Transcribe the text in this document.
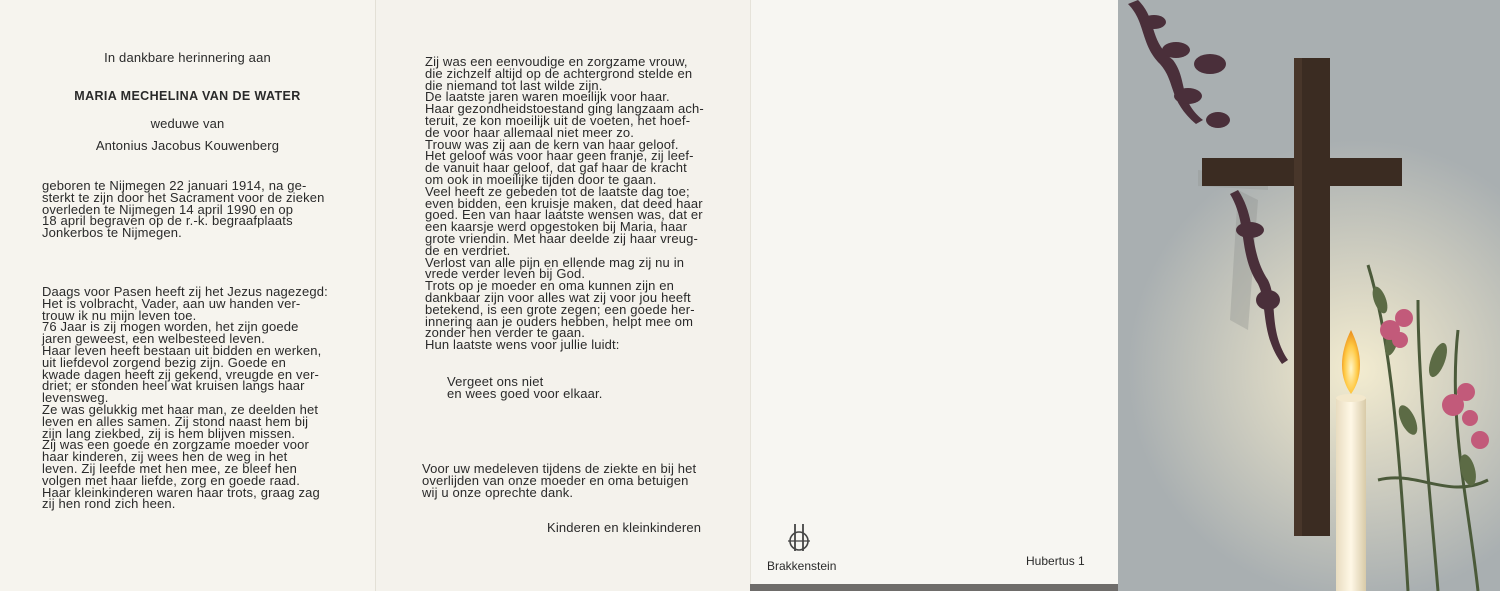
In dankbare herinnering aan
MARIA MECHELINA VAN DE WATER
weduwe van
Antonius Jacobus Kouwenberg
geboren te Nijmegen 22 januari 1914, na ge-
sterkt te zijn door het Sacrament voor de zieken
overleden te Nijmegen 14 april 1990 en op
18 april begraven op de r.-k. begraafplaats
Jonkerbos te Nijmegen.
Daags voor Pasen heeft zij het Jezus nagezegd:
Het is volbracht, Vader, aan uw handen ver-
trouw ik nu mijn leven toe.
76 Jaar is zij mogen worden, het zijn goede
jaren geweest, een welbesteed leven.
Haar leven heeft bestaan uit bidden en werken,
uit liefdevol zorgend bezig zijn. Goede en
kwade dagen heeft zij gekend, vreugde en ver-
driet; er stonden heel wat kruisen langs haar
levensweg.
Ze was gelukkig met haar man, ze deelden het
leven en alles samen. Zij stond naast hem bij
zijn lang ziekbed, zij is hem blijven missen.
Zij was een goede en zorgzame moeder voor
haar kinderen, zij wees hen de weg in het
leven. Zij leefde met hen mee, ze bleef hen
volgen met haar liefde, zorg en goede raad.
Haar kleinkinderen waren haar trots, graag zag
zij hen rond zich heen.
Zij was een eenvoudige en zorgzame vrouw,
die zichzelf altijd op de achtergrond stelde en
die niemand tot last wilde zijn.
De laatste jaren waren moeilijk voor haar.
Haar gezondheidstoestand ging langzaam ach-
teruit, ze kon moeilijk uit de voeten, het hoef-
de voor haar allemaal niet meer zo.
Trouw was zij aan de kern van haar geloof.
Het geloof was voor haar geen franje, zij leef-
de vanuit haar geloof, dat gaf haar de kracht
om ook in moeilijke tijden door te gaan.
Veel heeft ze gebeden tot de laatste dag toe;
even bidden, een kruisje maken, dat deed haar
goed. Een van haar laatste wensen was, dat er
een kaarsje werd opgestoken bij Maria, haar
grote vriendin. Met haar deelde zij haar vreug-
de en verdriet.
Verlost van alle pijn en ellende mag zij nu in
vrede verder leven bij God.
Trots op je moeder en oma kunnen zijn en
dankbaar zijn voor alles wat zij voor jou heeft
betekend, is een grote zegen; een goede her-
innering aan je ouders hebben, helpt mee om
zonder hen verder te gaan.
Hun laatste wens voor jullie luidt:
Vergeet ons niet
en wees goed voor elkaar.
Voor uw medeleven tijdens de ziekte en bij het
overlijden van onze moeder en oma betuigen
wij u onze oprechte dank.
Kinderen en kleinkinderen
Brakkenstein	Hubertus 1
